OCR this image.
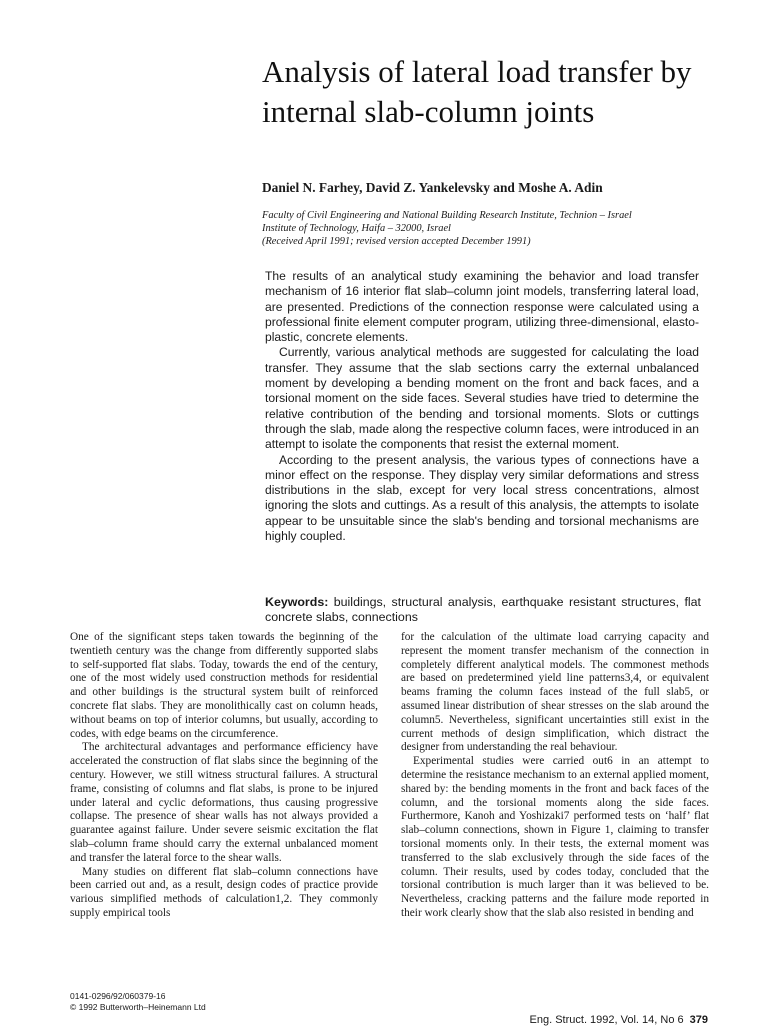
Analysis of lateral load transfer by internal slab-column joints

Daniel N. Farhey, David Z. Yankelevsky and Moshe A. Adin

Faculty of Civil Engineering and National Building Research Institute, Technion – Israel
Institute of Technology, Haifa – 32000, Israel
(Received April 1991; revised version accepted December 1991)

The results of an analytical study examining the behavior and load transfer mechanism of 16 interior flat slab–column joint models, transferring lateral load, are presented. Predictions of the connection response were calculated using a professional finite element computer program, utilizing three-dimensional, elasto-plastic, concrete elements.

Currently, various analytical methods are suggested for calculating the load transfer. They assume that the slab sections carry the external unbalanced moment by developing a bending moment on the front and back faces, and a torsional moment on the side faces. Several studies have tried to determine the relative contribution of the bending and torsional moments. Slots or cuttings through the slab, made along the respective column faces, were introduced in an attempt to isolate the components that resist the external moment.

According to the present analysis, the various types of connections have a minor effect on the response. They display very similar deformations and stress distributions in the slab, except for very local stress concentrations, almost ignoring the slots and cuttings. As a result of this analysis, the attempts to isolate appear to be unsuitable since the slab's bending and torsional mechanisms are highly coupled.

Keywords: buildings, structural analysis, earthquake resistant structures, flat concrete slabs, connections

One of the significant steps taken towards the beginning of the twentieth century was the change from differently supported slabs to self-supported flat slabs. Today, towards the end of the century, one of the most widely used construction methods for residential and other buildings is the structural system built of reinforced concrete flat slabs. They are monolithically cast on column heads, without beams on top of interior columns, but usually, according to codes, with edge beams on the circumference.

The architectural advantages and performance efficiency have accelerated the construction of flat slabs since the beginning of the century. However, we still witness structural failures. A structural frame, consisting of columns and flat slabs, is prone to be injured under lateral and cyclic deformations, thus causing progressive collapse. The presence of shear walls has not always provided a guarantee against failure. Under severe seismic excitation the flat slab–column frame should carry the external unbalanced moment and transfer the lateral force to the shear walls.

Many studies on different flat slab–column connections have been carried out and, as a result, design codes of practice provide various simplified methods of calculation1,2. They commonly supply empirical tools

for the calculation of the ultimate load carrying capacity and represent the moment transfer mechanism of the connection in completely different analytical models. The commonest methods are based on predetermined yield line patterns3,4, or equivalent beams framing the column faces instead of the full slab5, or assumed linear distribution of shear stresses on the slab around the column5. Nevertheless, significant uncertainties still exist in the current methods of design simplification, which distract the designer from understanding the real behaviour.

Experimental studies were carried out6 in an attempt to determine the resistance mechanism to an external applied moment, shared by: the bending moments in the front and back faces of the column, and the torsional moments along the side faces. Furthermore, Kanoh and Yoshizaki7 performed tests on ‘half’ flat slab–column connections, shown in Figure 1, claiming to transfer torsional moments only. In their tests, the external moment was transferred to the slab exclusively through the side faces of the column. Their results, used by codes today, concluded that the torsional contribution is much larger than it was believed to be. Nevertheless, cracking patterns and the failure mode reported in their work clearly show that the slab also resisted in bending and

0141-0296/92/060379-16
© 1992 Butterworth–Heinemann Ltd
Eng. Struct. 1992, Vol. 14, No 6 379
